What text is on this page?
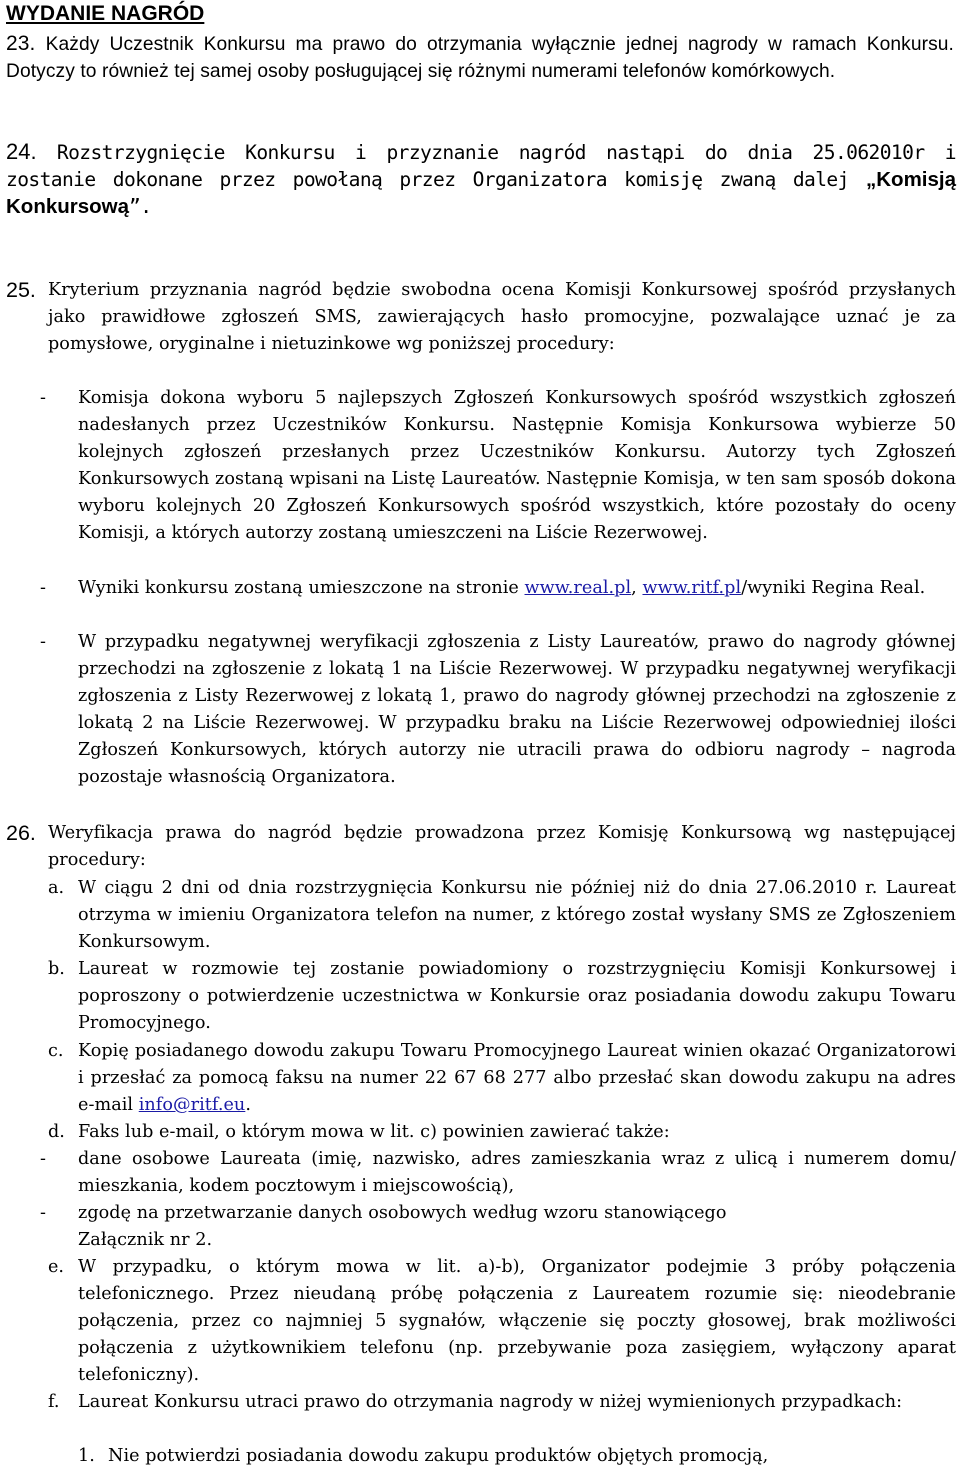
WYDANIE NAGRÓD
23. Każdy Uczestnik Konkursu ma prawo do otrzymania wyłącznie jednej nagrody w ramach Konkursu. Dotyczy to również tej samej osoby posługującej się różnymi numerami telefonów komórkowych.
24. Rozstrzygnięcie Konkursu i przyznanie nagród nastąpi do dnia 25.062010r i zostanie dokonane przez powołaną przez Organizatora komisję zwaną dalej „Komisją Konkursową”.
25. Kryterium przyznania nagród będzie swobodna ocena Komisji Konkursowej spośród przysłanych jako prawidłowe zgłoszeń SMS, zawierających hasło promocyjne, pozwalające uznać je za pomysłowe, oryginalne i nietuzinkowe wg poniższej procedury:
- Komisja dokona wyboru 5 najlepszych Zgłoszeń Konkursowych spośród wszystkich zgłoszeń nadesłanych przez Uczestników Konkursu. Następnie Komisja Konkursowa wybierze 50 kolejnych zgłoszeń przesłanych przez Uczestników Konkursu. Autorzy tych Zgłoszeń Konkursowych zostaną wpisani na Listę Laureatów. Następnie Komisja, w ten sam sposób dokona wyboru kolejnych 20 Zgłoszeń Konkursowych spośród wszystkich, które pozostały do oceny Komisji, a których autorzy zostaną umieszczeni na Liście Rezerwowej.
- Wyniki konkursu zostaną umieszczone na stronie www.real.pl, www.ritf.pl/wyniki Regina Real.
- W przypadku negatywnej weryfikacji zgłoszenia z Listy Laureatów, prawo do nagrody głównej przechodzi na zgłoszenie z lokatą 1 na Liście Rezerwowej. W przypadku negatywnej weryfikacji zgłoszenia z Listy Rezerwowej z lokatą 1, prawo do nagrody głównej przechodzi na zgłoszenie z lokatą 2 na Liście Rezerwowej. W przypadku braku na Liście Rezerwowej odpowiedniej ilości Zgłoszeń Konkursowych, których autorzy nie utracili prawa do odbioru nagrody – nagroda pozostaje własnością Organizatora.
26. Weryfikacja prawa do nagród będzie prowadzona przez Komisję Konkursową wg następującej procedury:
a. W ciągu 2 dni od dnia rozstrzygnięcia Konkursu nie później niż do dnia 27.06.2010 r. Laureat otrzyma w imieniu Organizatora telefon na numer, z którego został wysłany SMS ze Zgłoszeniem Konkursowym.
b. Laureat w rozmowie tej zostanie powiadomiony o rozstrzygnięciu Komisji Konkursowej i poproszony o potwierdzenie uczestnictwa w Konkursie oraz posiadania dowodu zakupu Towaru Promocyjnego.
c. Kopię posiadanego dowodu zakupu Towaru Promocyjnego Laureat winien okazać Organizatorowi i przesłać za pomocą faksu na numer 22 67 68 277 albo przesłać skan dowodu zakupu na adres e-mail info@ritf.eu.
d. Faks lub e-mail, o którym mowa w lit. c) powinien zawierać także:
- dane osobowe Laureata (imię, nazwisko, adres zamieszkania wraz z ulicą i numerem domu/ mieszkania, kodem pocztowym i miejscowością),
- zgodę na przetwarzanie danych osobowych według wzoru stanowiącego
Załącznik nr 2.
e. W przypadku, o którym mowa w lit. a)-b), Organizator podejmie 3 próby połączenia telefonicznego. Przez nieudaną próbę połączenia z Laureatem rozumie się: nieodebranie połączenia, przez co najmniej 5 sygnałów, włączenie się poczty głosowej, brak możliwości połączenia z użytkownikiem telefonu (np. przebywanie poza zasięgiem, wyłączony aparat telefoniczny).
f. Laureat Konkursu utraci prawo do otrzymania nagrody w niżej wymienionych przypadkach:
1. Nie potwierdzi posiadania dowodu zakupu produktów objętych promocją,
